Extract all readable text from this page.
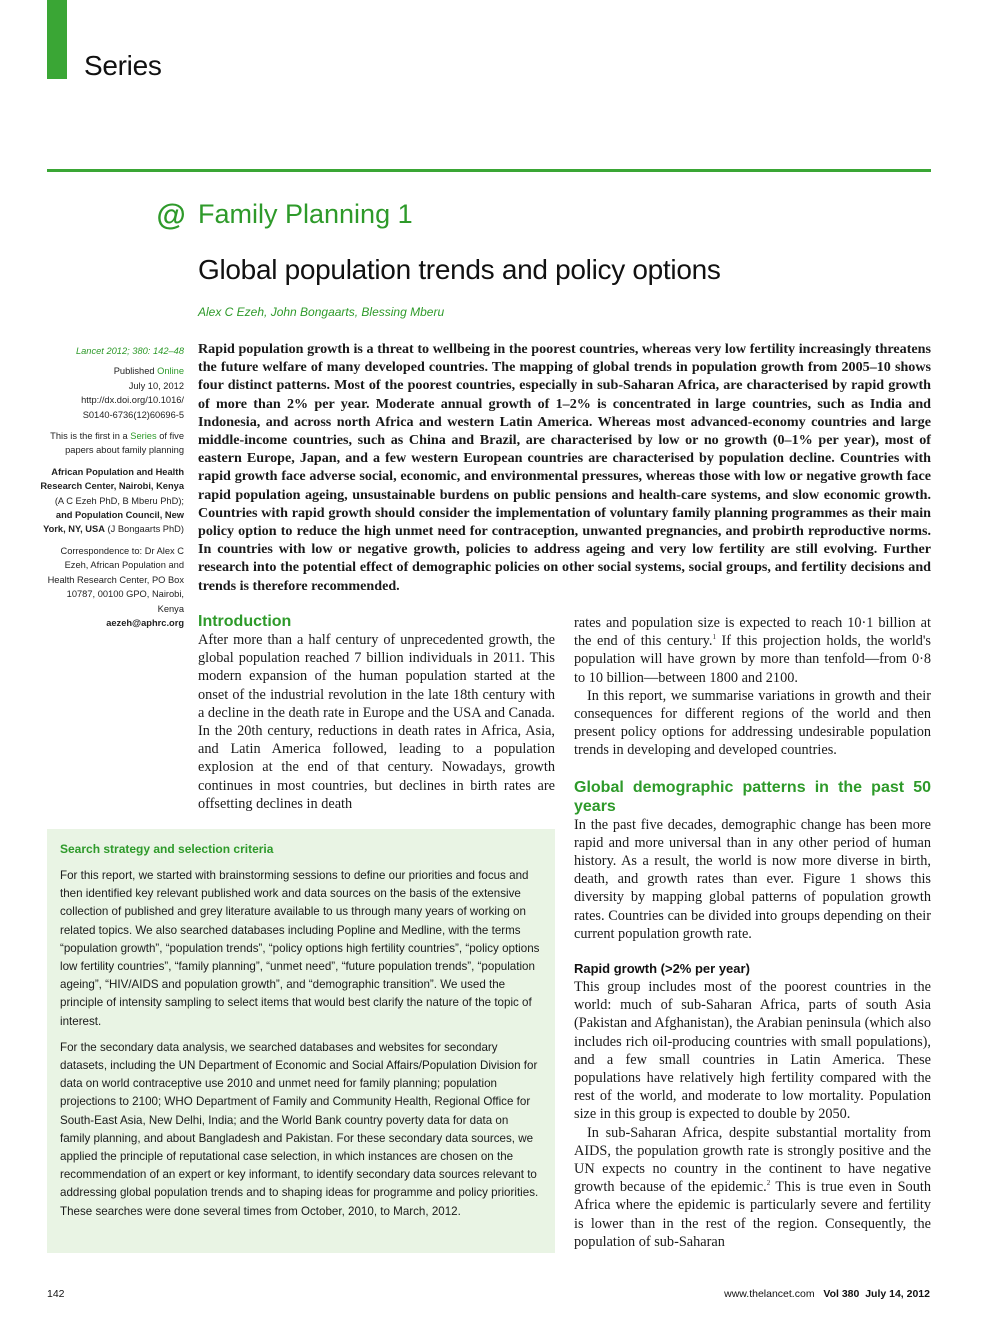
Series
@ Family Planning 1
Global population trends and policy options
Alex C Ezeh, John Bongaarts, Blessing Mberu
Lancet 2012; 380: 142–48
Published Online
July 10, 2012
http://dx.doi.org/10.1016/
S0140-6736(12)60696-5
This is the first in a Series of five papers about family planning
African Population and Health Research Center, Nairobi, Kenya (A C Ezeh PhD, B Mberu PhD); and Population Council, New York, NY, USA (J Bongaarts PhD)
Correspondence to: Dr Alex C Ezeh, African Population and Health Research Center, PO Box 10787, 00100 GPO, Nairobi, Kenya
aezeh@aphrc.org
Rapid population growth is a threat to wellbeing in the poorest countries, whereas very low fertility increasingly threatens the future welfare of many developed countries. The mapping of global trends in population growth from 2005–10 shows four distinct patterns. Most of the poorest countries, especially in sub-Saharan Africa, are characterised by rapid growth of more than 2% per year. Moderate annual growth of 1–2% is concentrated in large countries, such as India and Indonesia, and across north Africa and western Latin America. Whereas most advanced-economy countries and large middle-income countries, such as China and Brazil, are characterised by low or no growth (0–1% per year), most of eastern Europe, Japan, and a few western European countries are characterised by population decline. Countries with rapid growth face adverse social, economic, and environmental pressures, whereas those with low or negative growth face rapid population ageing, unsustainable burdens on public pensions and health-care systems, and slow economic growth. Countries with rapid growth should consider the implementation of voluntary family planning programmes as their main policy option to reduce the high unmet need for contraception, unwanted pregnancies, and probirth reproductive norms. In countries with low or negative growth, policies to address ageing and very low fertility are still evolving. Further research into the potential effect of demographic policies on other social systems, social groups, and fertility decisions and trends is therefore recommended.
Introduction

After more than a half century of unprecedented growth, the global population reached 7 billion individuals in 2011. This modern expansion of the human population started at the onset of the industrial revolution in the late 18th century with a decline in the death rate in Europe and the USA and Canada. In the 20th century, reductions in death rates in Africa, Asia, and Latin America followed, leading to a population explosion at the end of that century. Nowadays, growth continues in most countries, but declines in birth rates are offsetting declines in death

rates and population size is expected to reach 10·1 billion at the end of this century.$^1$ If this projection holds, the world's population will have grown by more than tenfold—from 0·8 to 10 billion—between 1800 and 2100.

In this report, we summarise variations in growth and their consequences for different regions of the world and then present policy options for addressing undesirable population trends in developing and developed countries.

Global demographic patterns in the past 50 years

In the past five decades, demographic change has been more rapid and more universal than in any other period of human history. As a result, the world is now more diverse in birth, death, and growth rates than ever. Figure 1 shows this diversity by mapping global patterns of population growth rates. Countries can be divided into groups depending on their current population growth rate.

Rapid growth (>2% per year)

This group includes most of the poorest countries in the world: much of sub-Saharan Africa, parts of south Asia (Pakistan and Afghanistan), the Arabian peninsula (which also includes rich oil-producing countries with small populations), and a few small countries in Latin America. These populations have relatively high fertility compared with the rest of the world, and moderate to low mortality. Population size in this group is expected to double by 2050.

In sub-Saharan Africa, despite substantial mortality from AIDS, the population growth rate is strongly positive and the UN expects no country in the continent to have negative growth because of the epidemic.$^2$ This is true even in South Africa where the epidemic is particularly severe and fertility is lower than in the rest of the region. Consequently, the population of sub-Saharan

Search strategy and selection criteria

For this report, we started with brainstorming sessions to define our priorities and focus and then identified key relevant published work and data sources on the basis of the extensive collection of published and grey literature available to us through many years of working on related topics. We also searched databases including Popline and Medline, with the terms “population growth”, “population trends”, “policy options high fertility countries”, “policy options low fertility countries”, “family planning”, “unmet need”, “future population trends”, “population ageing”, “HIV/AIDS and population growth”, and “demographic transition”. We used the principle of intensity sampling to select items that would best clarify the nature of the topic of interest.

For the secondary data analysis, we searched databases and websites for secondary datasets, including the UN Department of Economic and Social Affairs/Population Division for data on world contraceptive use 2010 and unmet need for family planning; population projections to 2100; WHO Department of Family and Community Health, Regional Office for South-East Asia, New Delhi, India; and the World Bank country poverty data for data on family planning, and about Bangladesh and Pakistan. For these secondary data sources, we applied the principle of reputational case selection, in which instances are chosen on the recommendation of an expert or key informant, to identify secondary data sources relevant to addressing global population trends and to shaping ideas for programme and policy priorities. These searches were done several times from October, 2010, to March, 2012.

142	www.thelancet.com Vol 380 July 14, 2012
